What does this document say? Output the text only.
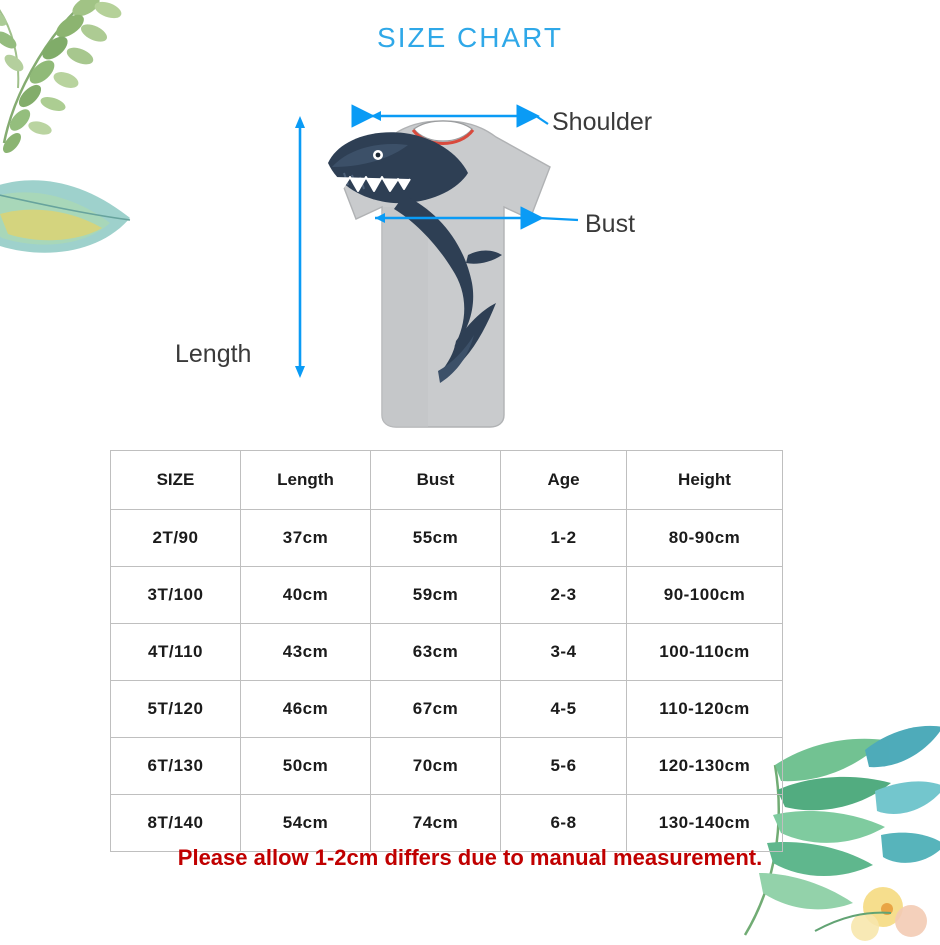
SIZE CHART
Shoulder
Bust
Length
SIZE	Length	Bust	Age	Height
2T/90	37cm	55cm	1-2	80-90cm
3T/100	40cm	59cm	2-3	90-100cm
4T/110	43cm	63cm	3-4	100-110cm
5T/120	46cm	67cm	4-5	110-120cm
6T/130	50cm	70cm	5-6	120-130cm
8T/140	54cm	74cm	6-8	130-140cm
Please allow 1-2cm differs due to manual measurement.
